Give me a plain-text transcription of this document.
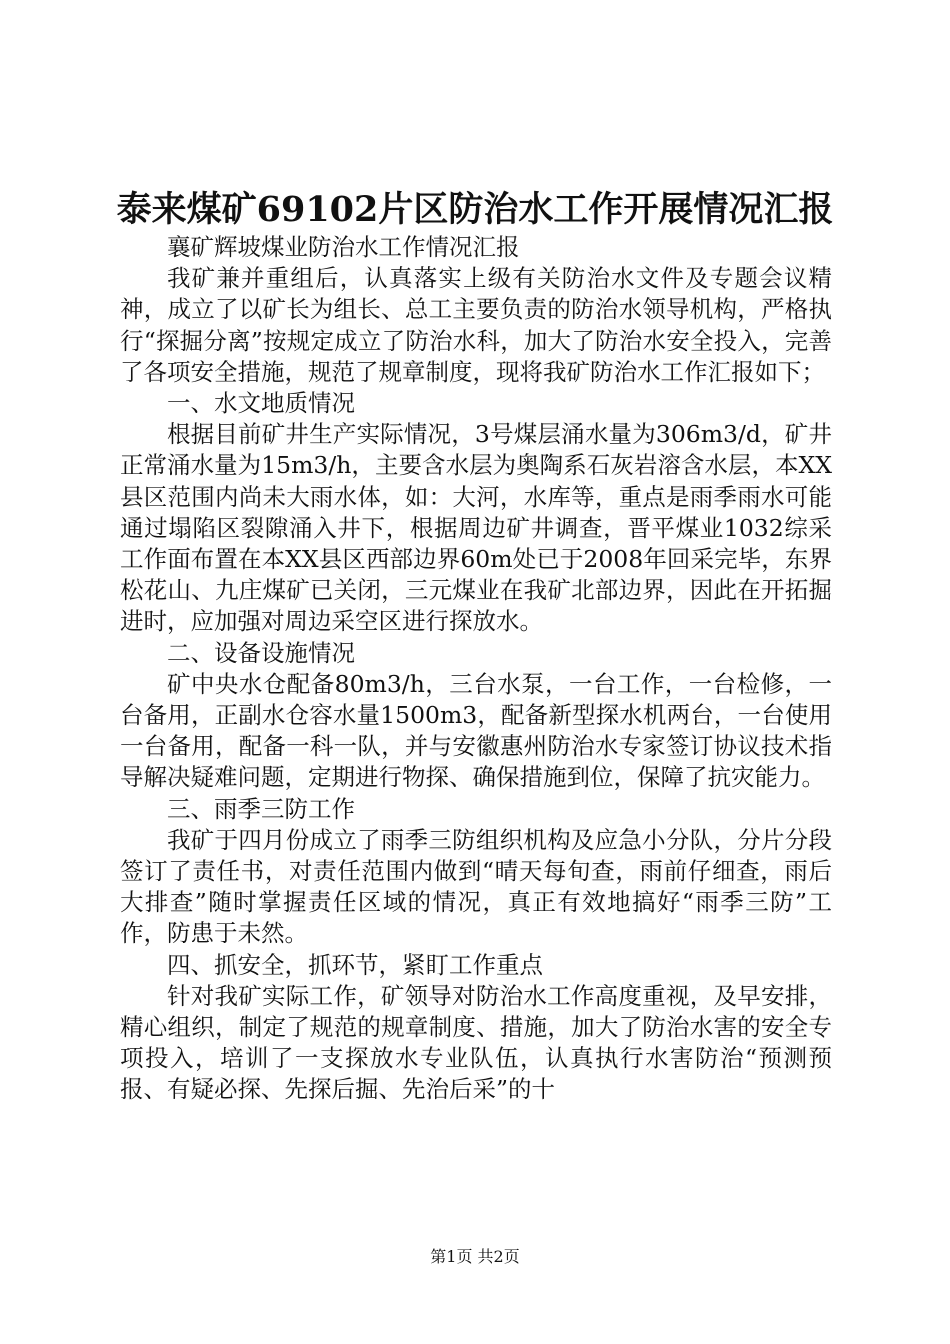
泰来煤矿69102片区防治水工作开展情况汇报

襄矿辉坡煤业防治水工作情况汇报

我矿兼并重组后，认真落实上级有关防治水文件及专题会议精神，成立了以矿长为组长、总工主要负责的防治水领导机构，严格执行“探掘分离”按规定成立了防治水科，加大了防治水安全投入，完善了各项安全措施，规范了规章制度，现将我矿防治水工作汇报如下；

一、水文地质情况

根据目前矿井生产实际情况，3号煤层涌水量为306m3/d，矿井正常涌水量为15m3/h，主要含水层为奥陶系石灰岩溶含水层，本XX县区范围内尚未大雨水体，如：大河，水库等，重点是雨季雨水可能通过塌陷区裂隙涌入井下，根据周边矿井调查，晋平煤业1032综采工作面布置在本XX县区西部边界60m处已于2008年回采完毕，东界松花山、九庄煤矿已关闭，三元煤业在我矿北部边界，因此在开拓掘进时，应加强对周边采空区进行探放水。

二、设备设施情况

矿中央水仓配备80m3/h，三台水泵，一台工作，一台检修，一台备用，正副水仓容水量1500m3，配备新型探水机两台，一台使用一台备用，配备一科一队，并与安徽惠州防治水专家签订协议技术指导解决疑难问题，定期进行物探、确保措施到位，保障了抗灾能力。

三、雨季三防工作

我矿于四月份成立了雨季三防组织机构及应急小分队，分片分段签订了责任书，对责任范围内做到“晴天每旬查，雨前仔细查，雨后大排查”随时掌握责任区域的情况，真正有效地搞好“雨季三防”工作，防患于未然。

四、抓安全，抓环节，紧盯工作重点

针对我矿实际工作，矿领导对防治水工作高度重视，及早安排，精心组织，制定了规范的规章制度、措施，加大了防治水害的安全专项投入，培训了一支探放水专业队伍，认真执行水害防治“预测预报、有疑必探、先探后掘、先治后采”的十

第1页 共2页
